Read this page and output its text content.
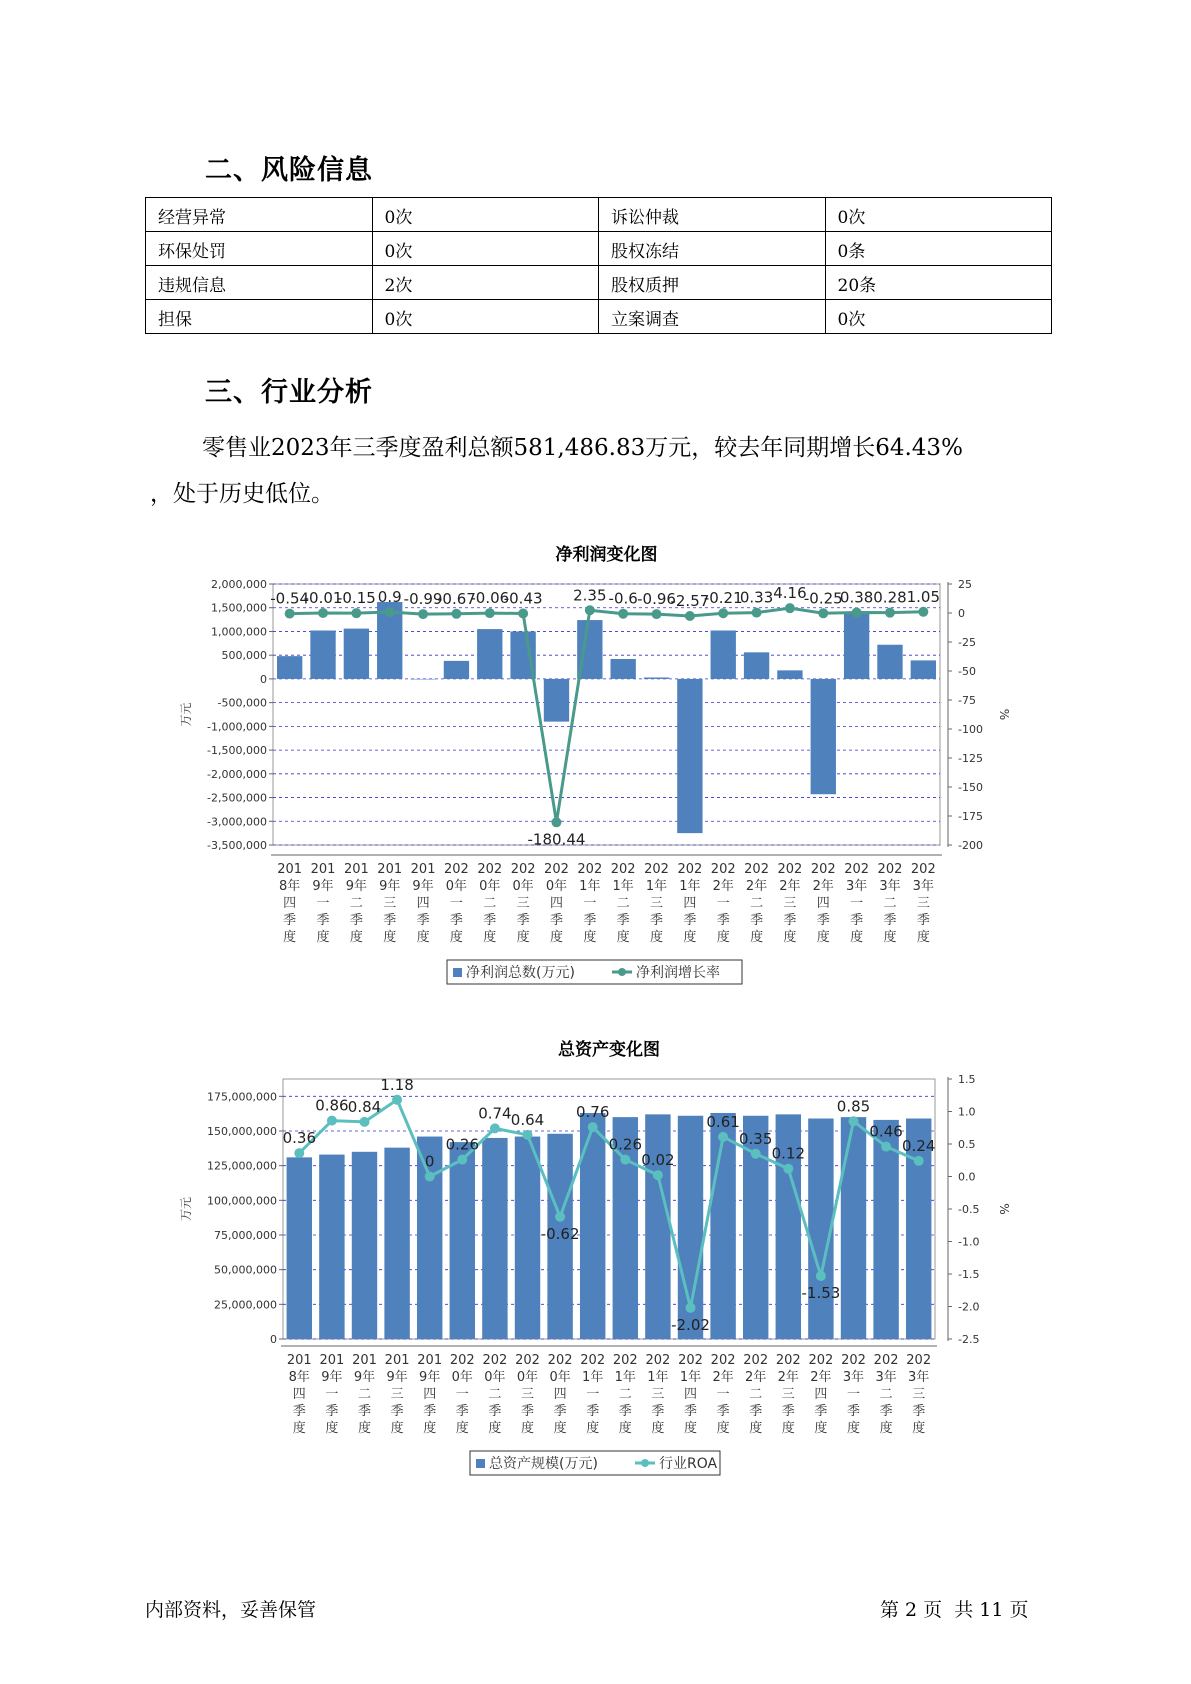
二、风险信息
经营异常	0次	诉讼仲裁	0次
环保处罚	0次	股权冻结	0条
违规信息	2次	股权质押	20条
担保	0次	立案调查	0次
三、行业分析
零售业2023年三季度盈利总额581,486.83万元，较去年同期增长64.43%
，处于历史低位。
净利润变化图
2,000,000
1,500,000
1,000,000
500,000
0
-500,000
-1,000,000
-1,500,000
-2,000,000
-2,500,000
-3,000,000
-3,500,000
25
0
-25
-50
-75
-100
-125
-150
-175
-200
万元	%
-0.54
-0.01
-0.15 0.9 -0.99
-0.67
-0.06
-0.43
-180.44
2.35 -0.6 -0.96
-2.57
-0.21
0.33 4.16
-0.25
0.38 0.28 1.05
201
8年
四
季
度
201
9年
一
季
度
201
9年
二
季
度
201
9年
三
季
度
201
9年
四
季
度
202
0年
一
季
度
202
0年
二
季
度
202
0年
三
季
度
202
0年
四
季
度
202
1年
一
季
度
202
1年
二
季
度
202
1年
三
季
度
202
1年
四
季
度
202
2年
一
季
度
202
2年
二
季
度
202
2年
三
季
度
202
2年
四
季
度
202
3年
一
季
度
202
3年
二
季
度
202
3年
三
季
度
净利润总数(万元)	净利润增长率
总资产变化图
175,000,000
150,000,000
125,000,000
100,000,000
75,000,000
50,000,000
25,000,000
0
1.5
1.0
0.5
0.0
-0.5
-1.0
-1.5
-2.0
-2.5
万元	%
0.36
0.86 0.84
1.18
0
0.26
0.74 0.64
-0.62
0.76
0.26
0.02
-2.02
0.61
0.35
0.12
-1.53
0.85
0.46
0.24
201
8年
四
季
度
201
9年
一
季
度
201
9年
二
季
度
201
9年
三
季
度
201
9年
四
季
度
202
0年
一
季
度
202
0年
二
季
度
202
0年
三
季
度
202
0年
四
季
度
202
1年
一
季
度
202
1年
二
季
度
202
1年
三
季
度
202
1年
四
季
度
202
2年
一
季
度
202
2年
二
季
度
202
2年
三
季
度
202
2年
四
季
度
202
3年
一
季
度
202
3年
二
季
度
202
3年
三
季
度
总资产规模(万元)	行业ROA
内部资料，妥善保管	第 2 页  共 11 页
